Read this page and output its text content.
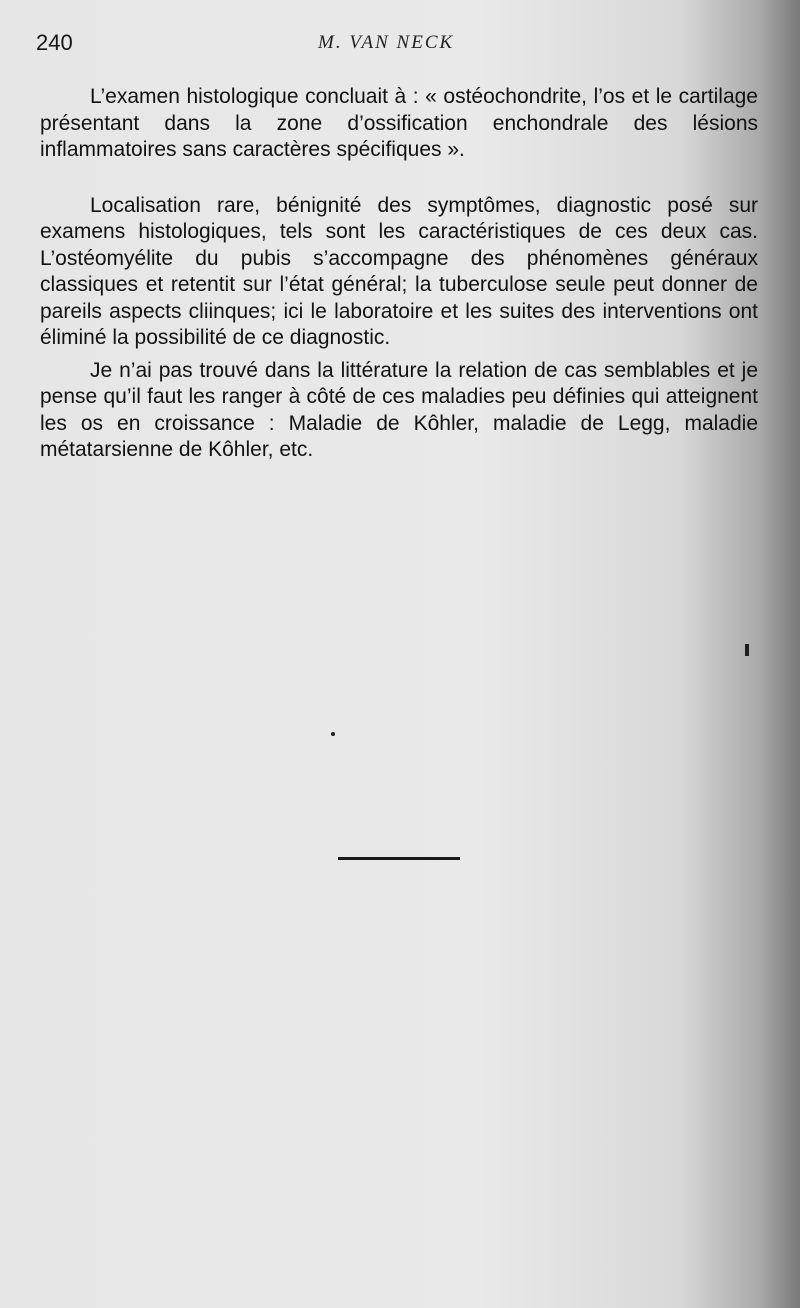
240	M. VAN NECK

L’examen histologique concluait à : « ostéochondrite, l’os et le cartilage présentant dans la zone d’ossification enchondrale des lésions inflammatoires sans caractères spécifiques ».

Localisation rare, bénignité des symptômes, diagnostic posé sur examens histologiques, tels sont les caractéristiques de ces deux cas. L’ostéomyélite du pubis s’accompagne des phénomènes généraux classiques et retentit sur l’état général; la tuberculose seule peut donner de pareils aspects cliinques; ici le laboratoire et les suites des interventions ont éliminé la possibilité de ce diagnostic.

Je n’ai pas trouvé dans la littérature la relation de cas semblables et je pense qu’il faut les ranger à côté de ces maladies peu définies qui atteignent les os en croissance : Maladie de Kôhler, maladie de Legg, maladie métatarsienne de Kôhler, etc.
